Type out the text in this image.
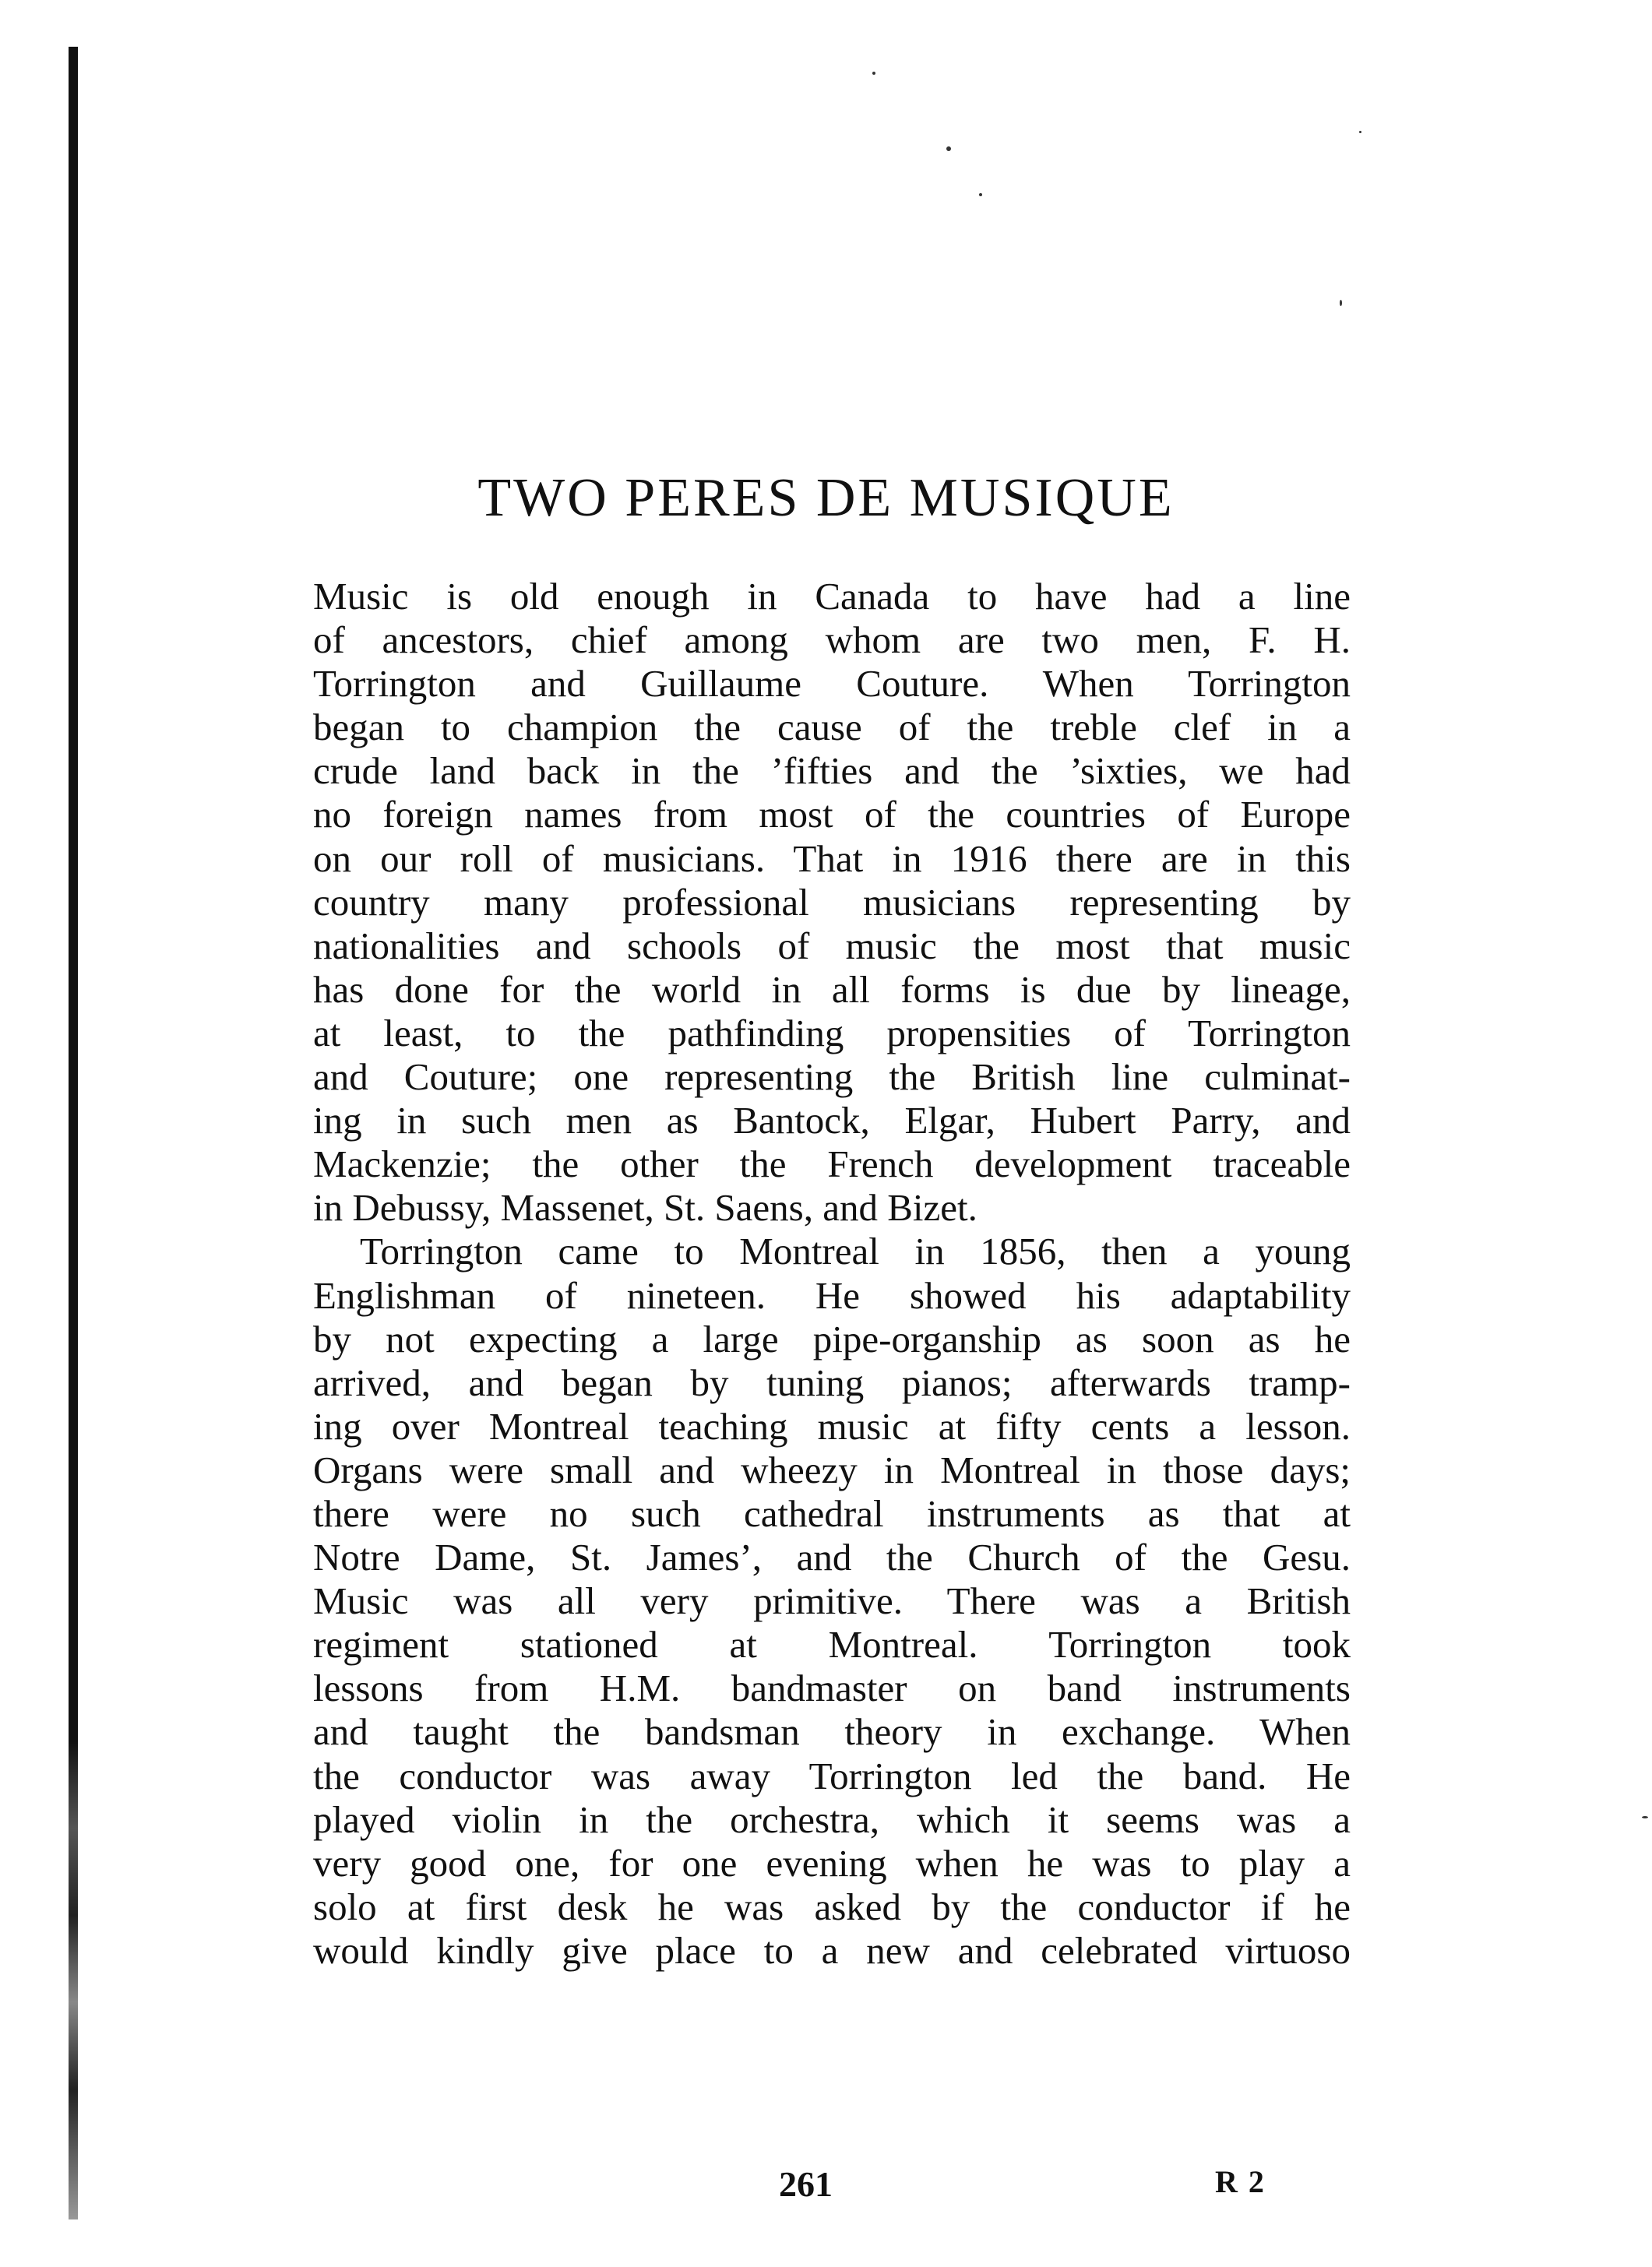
TWO PERES DE MUSIQUE
Music is old enough in Canada to have had a line
of ancestors, chief among whom are two men, F. H.
Torrington and Guillaume Couture. When Torrington
began to champion the cause of the treble clef in a
crude land back in the ’fifties and the ’sixties, we had
no foreign names from most of the countries of Europe
on our roll of musicians. That in 1916 there are in this
country many professional musicians representing by
nationalities and schools of music the most that music
has done for the world in all forms is due by lineage,
at least, to the pathfinding propensities of Torrington
and Couture; one representing the British line culminat-
ing in such men as Bantock, Elgar, Hubert Parry, and
Mackenzie; the other the French development traceable
in Debussy, Massenet, St. Saens, and Bizet.
Torrington came to Montreal in 1856, then a young
Englishman of nineteen. He showed his adaptability
by not expecting a large pipe-organship as soon as he
arrived, and began by tuning pianos; afterwards tramp-
ing over Montreal teaching music at fifty cents a lesson.
Organs were small and wheezy in Montreal in those days;
there were no such cathedral instruments as that at
Notre Dame, St. James’, and the Church of the Gesu.
Music was all very primitive. There was a British
regiment stationed at Montreal. Torrington took
lessons from H.M. bandmaster on band instruments
and taught the bandsman theory in exchange. When
the conductor was away Torrington led the band. He
played violin in the orchestra, which it seems was a
very good one, for one evening when he was to play a
solo at first desk he was asked by the conductor if he
would kindly give place to a new and celebrated virtuoso
261	R 2
